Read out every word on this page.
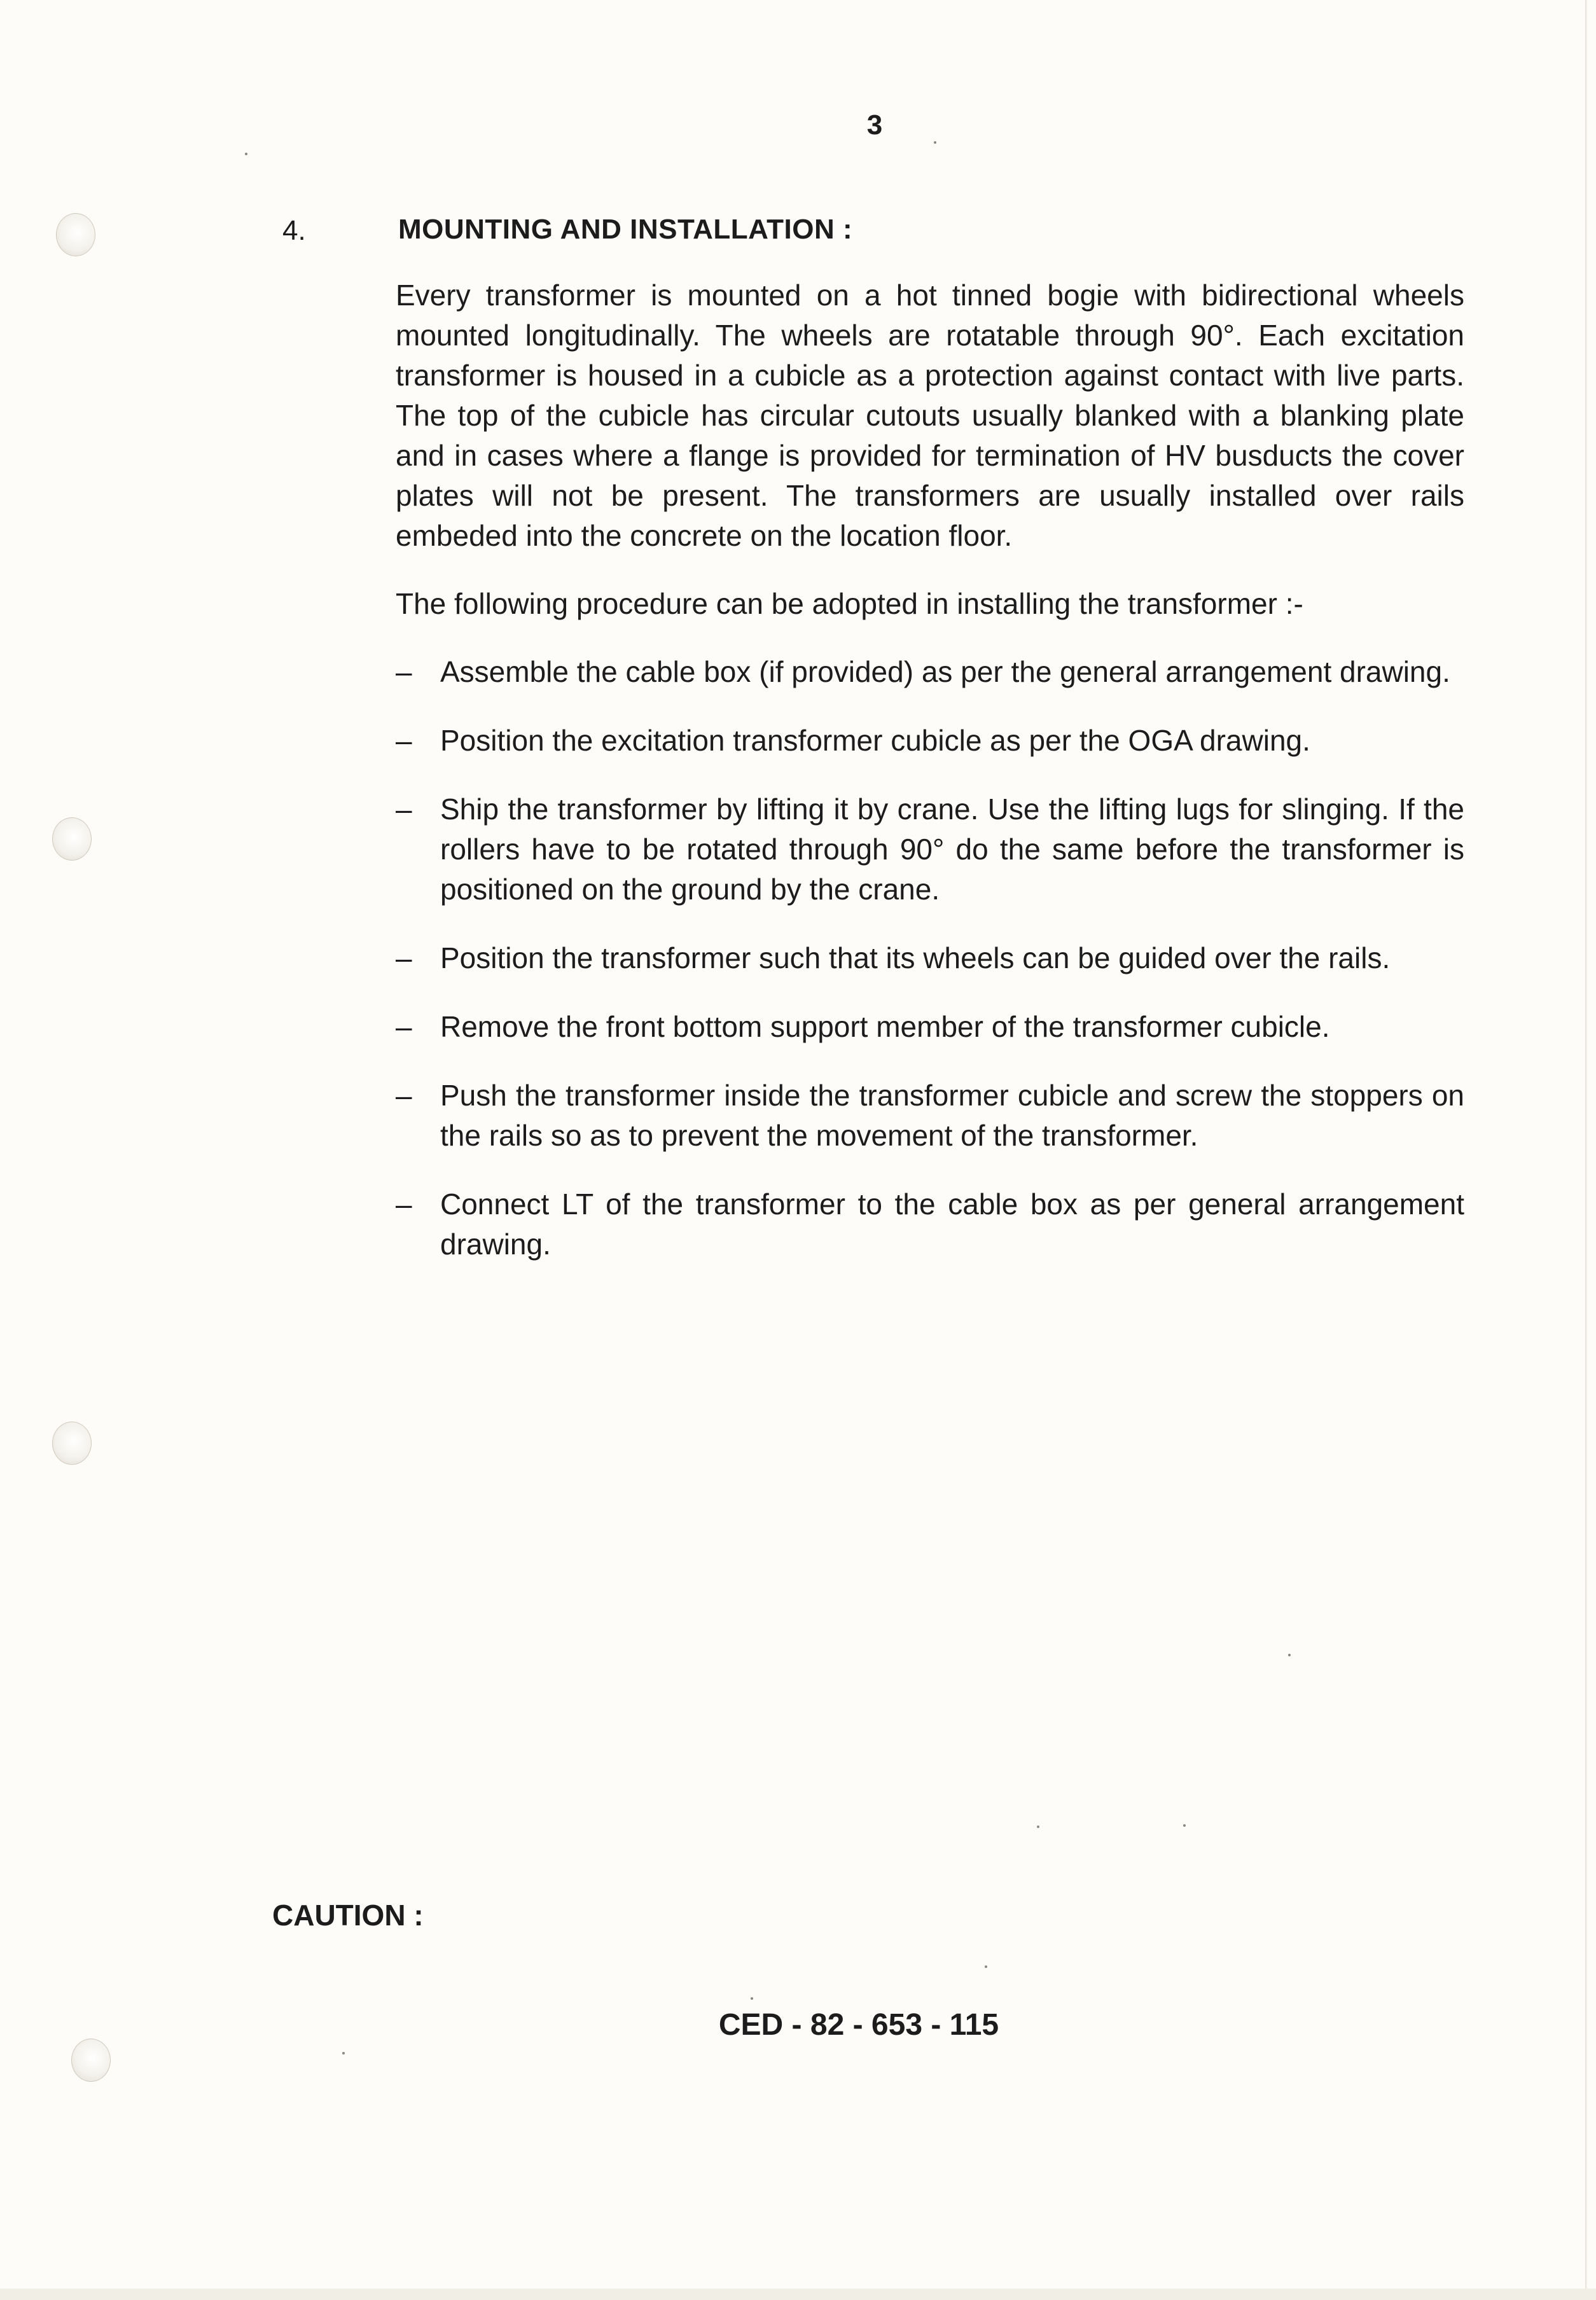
3
4.	MOUNTING AND INSTALLATION :

Every transformer is mounted on a hot tinned bogie with bidirectional wheels mounted longitudinally. The wheels are rotatable through 90°. Each excitation transformer is housed in a cubicle as a protection against contact with live parts. The top of the cubicle has circular cutouts usually blanked with a blanking plate and in cases where a flange is provided for termination of HV busducts the cover plates will not be present. The transformers are usually installed over rails embeded into the concrete on the location floor.

The following procedure can be adopted in installing the transformer :-

– Assemble the cable box (if provided) as per the general arrangement drawing.
– Position the excitation transformer cubicle as per the OGA drawing.
– Ship the transformer by lifting it by crane. Use the lifting lugs for slinging. If the rollers have to be rotated through 90° do the same before the transformer is positioned on the ground by the crane.
– Position the transformer such that its wheels can be guided over the rails.
– Remove the front bottom support member of the transformer cubicle.
– Push the transformer inside the transformer cubicle and screw the stoppers on the rails so as to prevent the movement of the transformer.
– Connect LT of the transformer to the cable box as per general arrangement drawing.
CAUTION :
CED - 82 - 653 - 115
